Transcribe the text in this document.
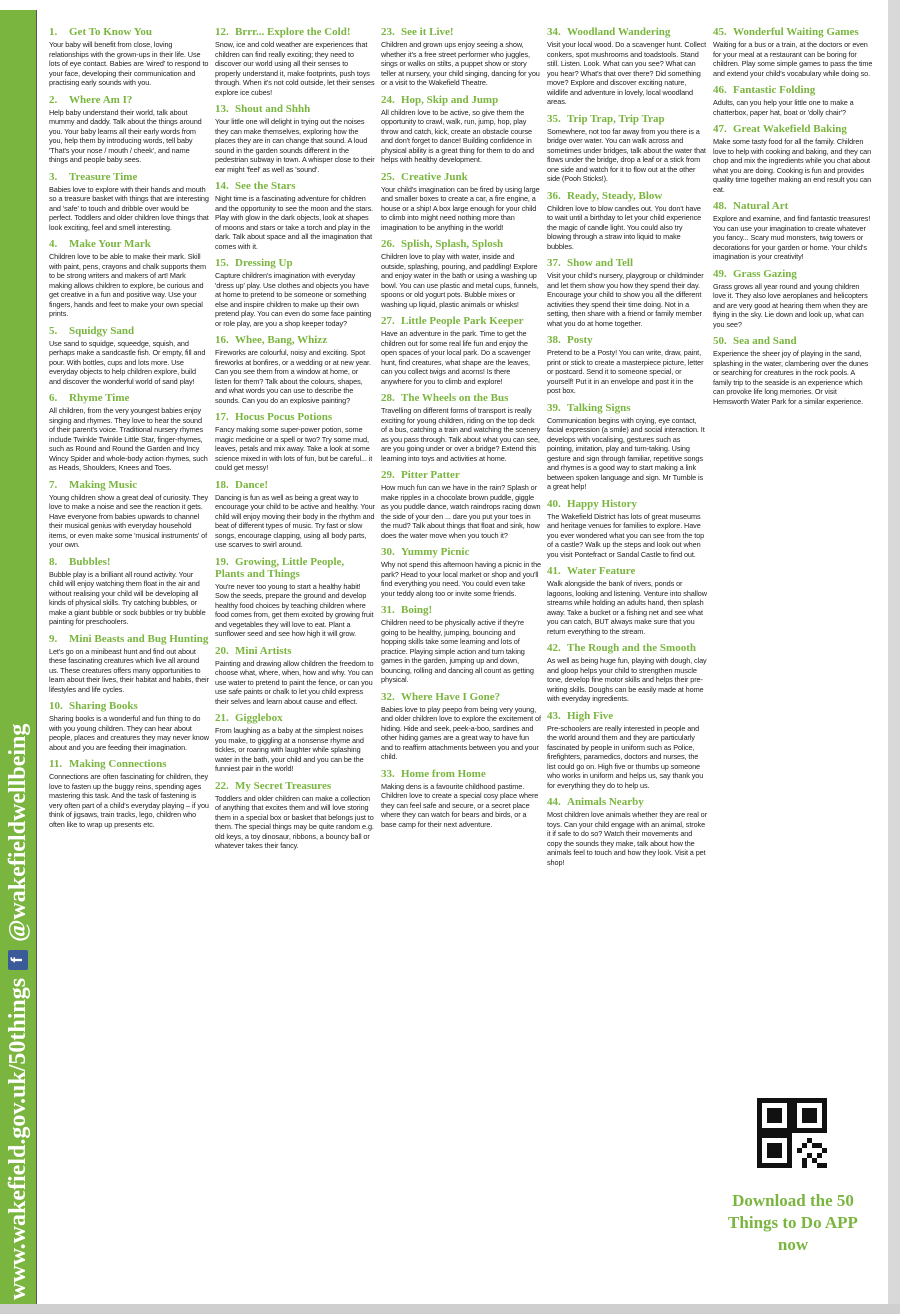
www.wakefield.gov.uk/50things
f
@wakefieldwellbeing
1. Get To Know You
Your baby will benefit from close, loving relationships with the grown-ups in their life. Use lots of eye contact. Babies are 'wired' to respond to your face, developing their communication and practising early sounds with you.
2. Where Am I?
Help baby understand their world, talk about mummy and daddy. Talk about the things around you. Your baby learns all their early words from you, help them by introducing words, tell baby 'That's your nose / mouth / cheek', and name things and people baby sees.
3. Treasure Time
Babies love to explore with their hands and mouth so a treasure basket with things that are interesting and 'safe' to touch and dribble over would be perfect. Toddlers and older children love things that look exciting, feel and smell interesting.
4. Make Your Mark
Children love to be able to make their mark. Skill with paint, pens, crayons and chalk supports them to be strong writers and makers of art! Mark making allows children to explore, be curious and get creative in a fun and positive way. Use your fingers, hands and feet to make your own special prints.
5. Squidgy Sand
Use sand to squidge, squeedge, squish, and perhaps make a sandcastle fish. Or empty, fill and pour. With bottles, cups and lots more. Use everyday objects to help children explore, build and discover the wonderful world of sand play!
6. Rhyme Time
All children, from the very youngest babies enjoy singing and rhymes. They love to hear the sound of their parent's voice. Traditional nursery rhymes include Twinkle Twinkle Little Star, finger-rhymes, such as Round and Round the Garden and Incy Wincy Spider and whole-body action rhymes, such as Heads, Shoulders, Knees and Toes.
7. Making Music
Young children show a great deal of curiosity. They love to make a noise and see the reaction it gets. Have everyone from babies upwards to channel their musical genius with everyday household items, or even make some 'musical instruments' of your own.
8. Bubbles!
Bubble play is a brilliant all round activity. Your child will enjoy watching them float in the air and without realising your child will be developing all kinds of physical skills. Try catching bubbles, or make a giant bubble or sock bubbles or try bubble painting for preschoolers.
9. Mini Beasts and Bug Hunting
Let's go on a minibeast hunt and find out about these fascinating creatures which live all around us. These creatures offers many opportunities to learn about their lives, their habitat and habits, their lifestyles and life cycles.
10. Sharing Books
Sharing books is a wonderful and fun thing to do with you young children. They can hear about people, places and creatures they may never know about and you are feeding their imagination.
11. Making Connections
Connections are often fascinating for children, they love to fasten up the buggy reins, spending ages mastering this task. And the task of fastening is very often part of a child's everyday playing – if you think of jigsaws, train tracks, lego, children who often like to wrap up presents etc.
12. Brrr... Explore the Cold!
Snow, ice and cold weather are experiences that children can find really exciting; they need to discover our world using all their senses to properly understand it, make footprints, push toys through. When it's not cold outside, let their senses explore ice cubes!
13. Shout and Shhh
Your little one will delight in trying out the noises they can make themselves, exploring how the places they are in can change that sound. A loud sound in the garden sounds different in the pedestrian subway in town. A whisper close to their ear might 'feel' as well as 'sound'.
14. See the Stars
Night time is a fascinating adventure for children and the opportunity to see the moon and the stars. Play with glow in the dark objects, look at shapes of moons and stars or take a torch and play in the dark. Talk about space and all the imagination that comes with it.
15. Dressing Up
Capture children's imagination with everyday 'dress up' play. Use clothes and objects you have at home to pretend to be someone or something else and inspire children to make up their own pretend play. You can even do some face painting or role play, are you a shop keeper today?
16. Whee, Bang, Whizz
Fireworks are colourful, noisy and exciting. Spot fireworks at bonfires, or a wedding or at new year. Can you see them from a window at home, or listen for them? Talk about the colours, shapes, and what words you can use to describe the sounds. Can you do an explosive painting?
17. Hocus Pocus Potions
Fancy making some super-power potion, some magic medicine or a spell or two? Try some mud, leaves, petals and mix away. Take a look at some science mixed in with lots of fun, but be careful... it could get messy!
18. Dance!
Dancing is fun as well as being a great way to encourage your child to be active and healthy. Your child will enjoy moving their body in the rhythm and beat of different types of music. Try fast or slow songs, encourage clapping, using all body parts, use scarves to swirl around.
19. Growing, Little People, Plants and Things
You're never too young to start a healthy habit! Sow the seeds, prepare the ground and develop healthy food choices by teaching children where food comes from, get them excited by growing fruit and vegetables they will love to eat. Plant a sunflower seed and see how high it will grow.
20. Mini Artists
Painting and drawing allow children the freedom to choose what, where, when, how and why. You can use water to pretend to paint the fence, or can you use safe paints or chalk to let you child express their selves and learn about cause and effect.
21. Gigglebox
From laughing as a baby at the simplest noises you make, to giggling at a nonsense rhyme and tickles, or roaring with laughter while splashing water in the bath, your child and you can be the funniest pair in the world!
22. My Secret Treasures
Toddlers and older children can make a collection of anything that excites them and will love storing them in a special box or basket that belongs just to them. The special things may be quite random e.g. old keys, a toy dinosaur, ribbons, a bouncy ball or whatever takes their fancy.
23. See it Live!
Children and grown ups enjoy seeing a show, whether it's a free street performer who juggles, sings or walks on stilts, a puppet show or story teller at nursery, your child singing, dancing for you or a visit to the Wakefield Theatre.
24. Hop, Skip and Jump
All children love to be active, so give them the opportunity to crawl, walk, run, jump, hop, play throw and catch, kick, create an obstacle course and don't forget to dance! Building confidence in physical ability is a great thing for them to do and helps with healthy development.
25. Creative Junk
Your child's imagination can be fired by using large and smaller boxes to create a car, a fire engine, a house or a ship! A box large enough for your child to climb into might need nothing more than imagination to be anything in the world!
26. Splish, Splash, Splosh
Children love to play with water, inside and outside, splashing, pouring, and paddling! Explore and enjoy water in the bath or using a washing up bowl. You can use plastic and metal cups, funnels, spoons or old yogurt pots. Bubble mixes or washing up liquid, plastic animals or whisks!
27. Little People Park Keeper
Have an adventure in the park. Time to get the children out for some real life fun and enjoy the open spaces of your local park. Do a scavenger hunt, find creatures, what shape are the leaves, can you collect twigs and acorns! Is there anywhere for you to climb and explore!
28. The Wheels on the Bus
Travelling on different forms of transport is really exciting for young children, riding on the top deck of a bus, catching a train and watching the scenery as you pass through. Talk about what you can see, are you going under or over a bridge? Extend this learning into toys and activities at home.
29. Pitter Patter
How much fun can we have in the rain? Splash or make ripples in a chocolate brown puddle, giggle as you puddle dance, watch raindrops racing down the side of your den ... dare you put your toes in the mud? Talk about things that float and sink, how does the water move when you touch it?
30. Yummy Picnic
Why not spend this afternoon having a picnic in the park? Head to your local market or shop and you'll find everything you need. You could even take your teddy along too or invite some friends.
31. Boing!
Children need to be physically active if they're going to be healthy, jumping, bouncing and hopping skills take some learning and lots of practice. Playing simple action and turn taking games in the garden, jumping up and down, bouncing, rolling and dancing all count as getting physical.
32. Where Have I Gone?
Babies love to play peepo from being very young, and older children love to explore the excitement of hiding. Hide and seek, peek-a-boo, sardines and other hiding games are a great way to have fun and to reaffirm attachments between you and your child.
33. Home from Home
Making dens is a favourite childhood pastime. Children love to create a special cosy place where they can feel safe and secure, or a secret place where they can watch for bears and birds, or a base camp for their next adventure.
34. Woodland Wandering
Visit your local wood. Do a scavenger hunt. Collect conkers, spot mushrooms and toadstools. Stand still. Listen. Look. What can you see? What can you hear? What's that over there? Did something move? Explore and discover exciting nature, wildlife and adventure in lovely, local woodland areas.
35. Trip Trap, Trip Trap
Somewhere, not too far away from you there is a bridge over water. You can walk across and sometimes under bridges, talk about the water that flows under the bridge, drop a leaf or a stick from one side and watch for it to flow out at the other side (Pooh Sticks!).
36. Ready, Steady, Blow
Children love to blow candles out. You don't have to wait until a birthday to let your child experience the magic of candle light. You could also try blowing through a straw into liquid to make bubbles.
37. Show and Tell
Visit your child's nursery, playgroup or childminder and let them show you how they spend their day. Encourage your child to show you all the different activities they spend their time doing. Not in a setting, then share with a friend or family member what you do at home together.
38. Posty
Pretend to be a Posty! You can write, draw, paint, print or stick to create a masterpiece picture, letter or postcard. Send it to someone special, or yourself! Put it in an envelope and post it in the post box.
39. Talking Signs
Communication begins with crying, eye contact, facial expression (a smile) and social interaction. It develops with vocalising, gestures such as pointing, imitation, play and turn-taking. Using gesture and sign through familiar, repetitive songs and rhymes is a good way to start making a link between spoken language and sign. Mr Tumble is a great help!
40. Happy History
The Wakefield District has lots of great museums and heritage venues for families to explore. Have you ever wondered what you can see from the top of a castle? Walk up the steps and look out when you visit Pontefract or Sandal Castle to find out.
41. Water Feature
Walk alongside the bank of rivers, ponds or lagoons, looking and listening. Venture into shallow streams while holding an adults hand, then splash away. Take a bucket or a fishing net and see what you can catch, BUT always make sure that you return everything to the stream.
42. The Rough and the Smooth
As well as being huge fun, playing with dough, clay and gloop helps your child to strengthen muscle tone, develop fine motor skills and helps their pre-writing skills. Doughs can be easily made at home with everyday ingredients.
43. High Five
Pre-schoolers are really interested in people and the world around them and they are particularly fascinated by people in uniform such as Police, firefighters, paramedics, doctors and nurses, the list could go on. High five or thumbs up someone who works in uniform and helps us, say thank you for everything they do to help us.
44. Animals Nearby
Most children love animals whether they are real or toys. Can your child engage with an animal, stroke it if safe to do so? Watch their movements and copy the sounds they make, talk about how the animals feel to touch and how they look. Visit a pet shop!
45. Wonderful Waiting Games
Waiting for a bus or a train, at the doctors or even for your meal at a restaurant can be boring for children. Play some simple games to pass the time and extend your child's vocabulary while doing so.
46. Fantastic Folding
Adults, can you help your little one to make a chatterbox, paper hat, boat or 'dolly chair'?
47. Great Wakefield Baking
Make some tasty food for all the family. Children love to help with cooking and baking, and they can chop and mix the ingredients while you chat about what you are doing. Cooking is fun and provides quality time together making an end result you can eat.
48. Natural Art
Explore and examine, and find fantastic treasures! You can use your imagination to create whatever you fancy... Scary mud monsters, twig towers or decorations for your garden or home. Your child's imagination is your creativity!
49. Grass Gazing
Grass grows all year round and young children love it. They also love aeroplanes and helicopters and are very good at hearing them when they are flying in the sky. Lie down and look up, what can you see?
50. Sea and Sand
Experience the sheer joy of playing in the sand, splashing in the water, clambering over the dunes or searching for creatures in the rock pools. A family trip to the seaside is an experience which can provoke life long memories. Or visit Hemsworth Water Park for a similar experience.
Download the 50 Things to Do APP now
